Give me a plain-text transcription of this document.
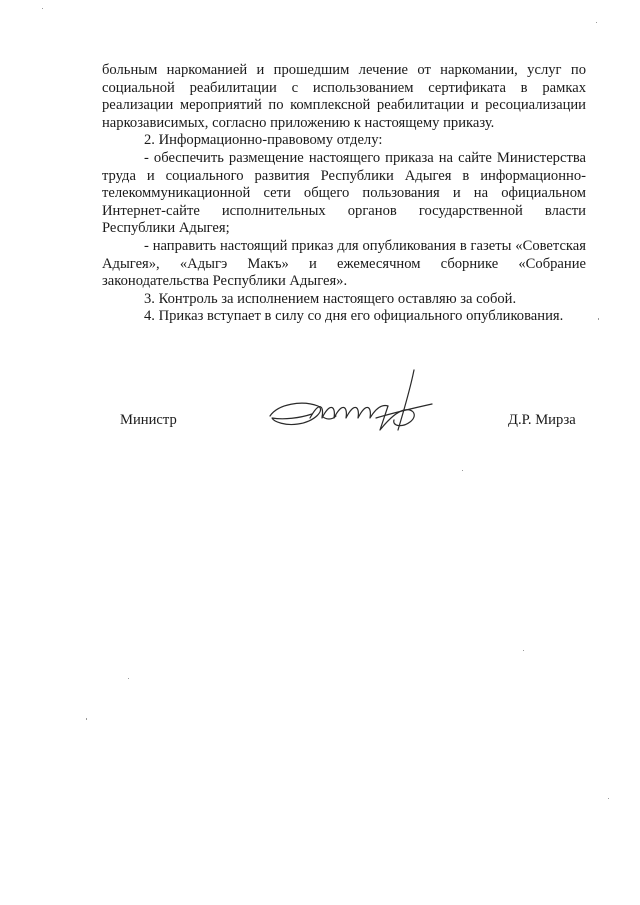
больным наркоманией и прошедшим лечение от наркомании, услуг по социальной реабилитации с использованием сертификата в рамках реализации мероприятий по комплексной реабилитации и ресоциализации наркозависимых, согласно приложению к настоящему приказу.

2. Информационно-правовому отделу:

- обеспечить размещение настоящего приказа на сайте Министерства труда и социального развития Республики Адыгея в информационно-телекоммуникационной сети общего пользования и на официальном Интернет-сайте исполнительных органов государственной власти Республики Адыгея;

- направить настоящий приказ для опубликования в газеты «Советская Адыгея», «Адыгэ Макъ» и ежемесячном сборнике «Собрание законодательства Республики Адыгея».

3. Контроль за исполнением настоящего оставляю за собой.

4. Приказ вступает в силу со дня его официального опубликования.

Министр	Д.Р. Мирза
